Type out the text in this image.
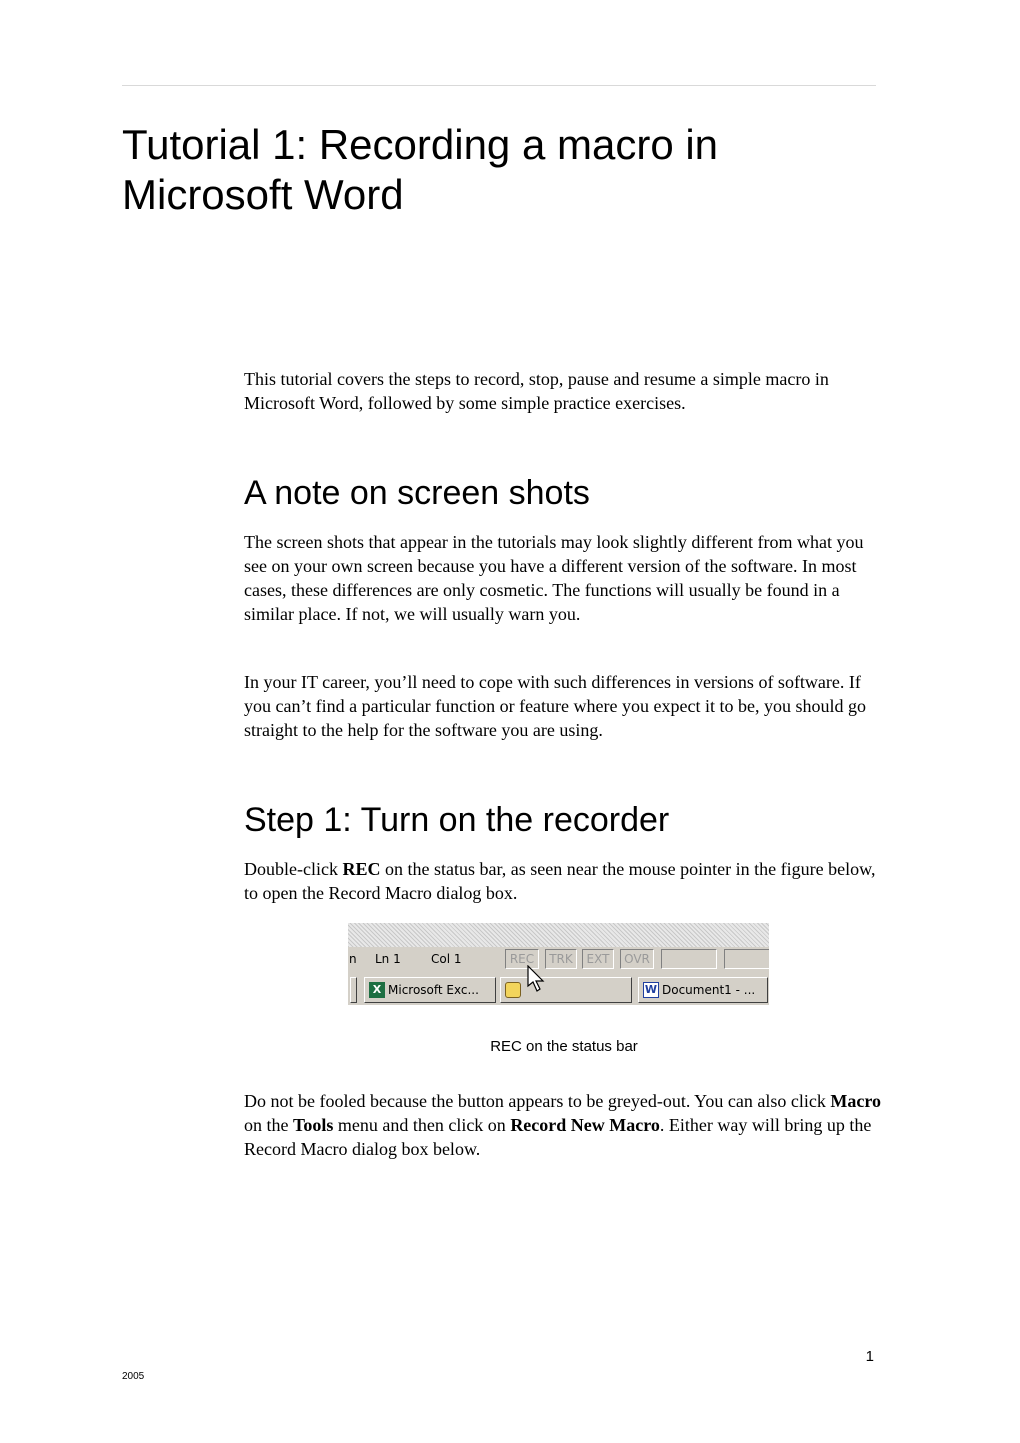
Tutorial 1: Recording a macro in Microsoft Word

This tutorial covers the steps to record, stop, pause and resume a simple macro in Microsoft Word, followed by some simple practice exercises.

A note on screen shots

The screen shots that appear in the tutorials may look slightly different from what you see on your own screen because you have a different version of the software. In most cases, these differences are only cosmetic. The functions will usually be found in a similar place. If not, we will usually warn you.

In your IT career, you’ll need to cope with such differences in versions of software. If you can’t find a particular function or feature where you expect it to be, you should go straight to the help for the software you are using.

Step 1: Turn on the recorder

Double-click REC on the status bar, as seen near the mouse pointer in the figure below, to open the Record Macro dialog box.

n Ln 1	Col 1	REC	TRK	EXT	OVR
X Microsoft Exc...	W Document1 - ...
REC on the status bar

Do not be fooled because the button appears to be greyed-out. You can also click Macro on the Tools menu and then click on Record New Macro. Either way will bring up the Record Macro dialog box below.

1
2005
